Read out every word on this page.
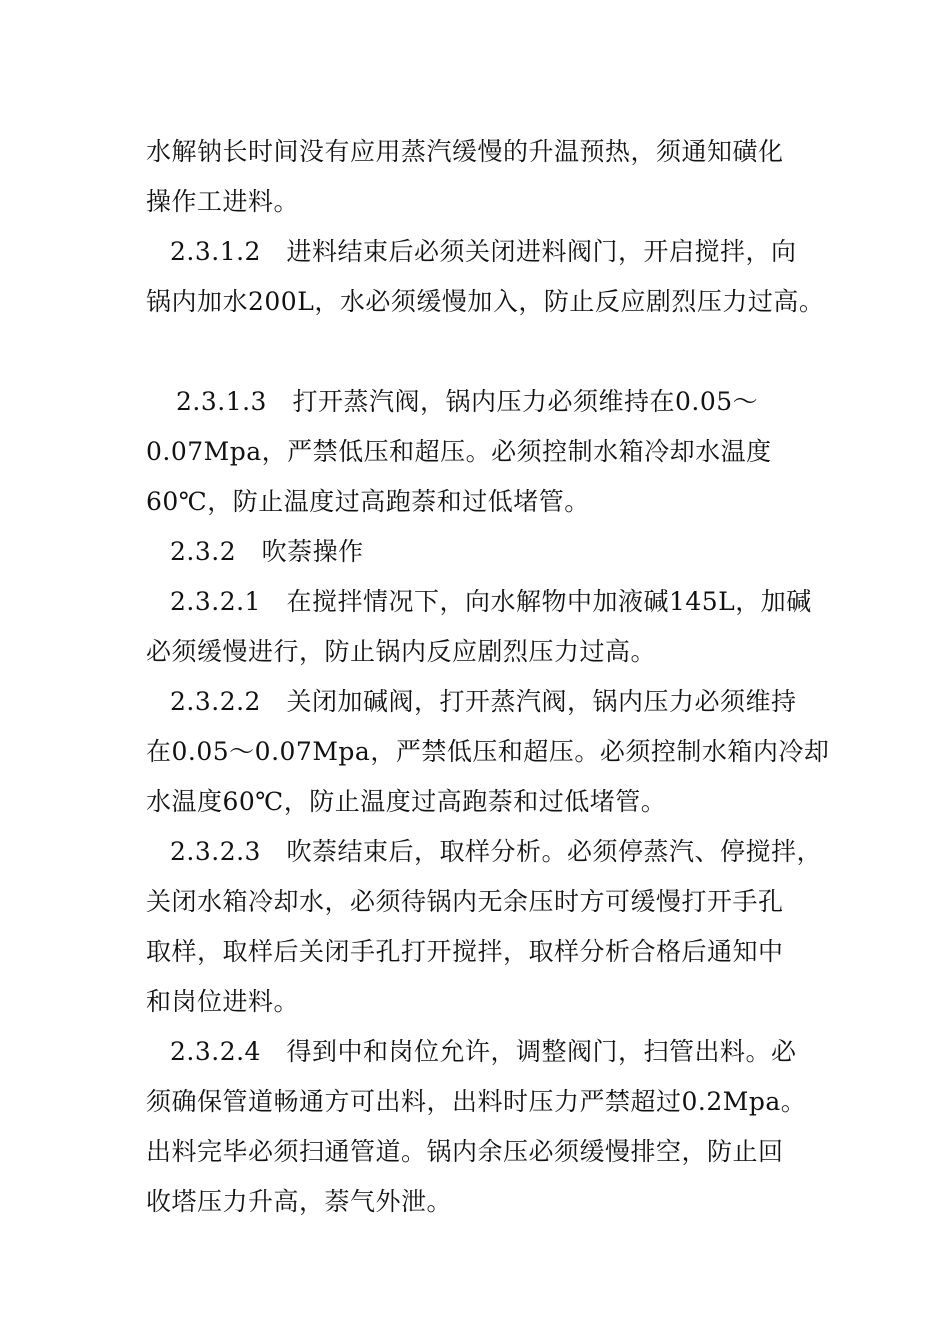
水解钠长时间没有应用蒸汽缓慢的升温预热，须通知磺化
操作工进料。
2.3.1.2　进料结束后必须关闭进料阀门，开启搅拌，向
锅内加水200L，水必须缓慢加入，防止反应剧烈压力过高。
2.3.1.3　打开蒸汽阀，锅内压力必须维持在0.05～
0.07Mpa，严禁低压和超压。必须控制水箱冷却水温度
60℃，防止温度过高跑萘和过低堵管。
2.3.2　吹萘操作
2.3.2.1　在搅拌情况下，向水解物中加液碱145L，加碱
必须缓慢进行，防止锅内反应剧烈压力过高。
2.3.2.2　关闭加碱阀，打开蒸汽阀，锅内压力必须维持
在0.05～0.07Mpa，严禁低压和超压。必须控制水箱内冷却
水温度60℃，防止温度过高跑萘和过低堵管。
2.3.2.3　吹萘结束后，取样分析。必须停蒸汽、停搅拌，
关闭水箱冷却水，必须待锅内无余压时方可缓慢打开手孔
取样，取样后关闭手孔打开搅拌，取样分析合格后通知中
和岗位进料。
2.3.2.4　得到中和岗位允许，调整阀门，扫管出料。必
须确保管道畅通方可出料，出料时压力严禁超过0.2Mpa。
出料完毕必须扫通管道。锅内余压必须缓慢排空，防止回
收塔压力升高，萘气外泄。
